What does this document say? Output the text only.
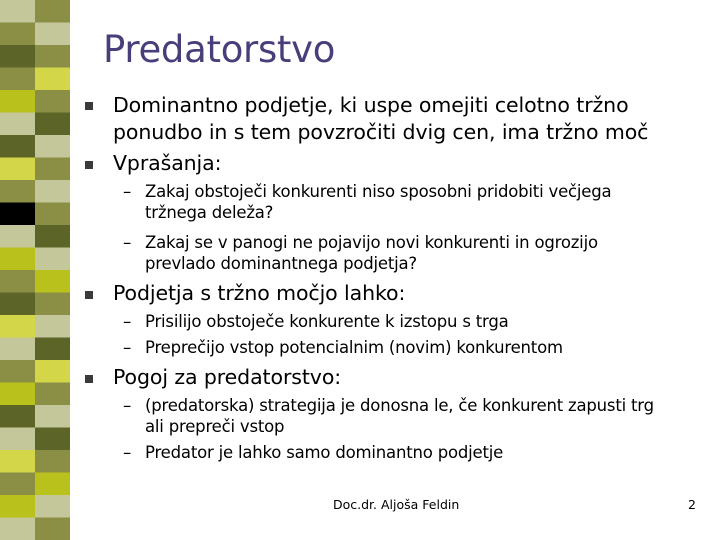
Predatorstvo
Dominantno podjetje, ki uspe omejiti celotno tržno
ponudbo in s tem povzročiti dvig cen, ima tržno moč
Vprašanja:
– Zakaj obstoječi konkurenti niso sposobni pridobiti večjega
tržnega deleža?
– Zakaj se v panogi ne pojavijo novi konkurenti in ogrozijo
prevlado dominantnega podjetja?
Podjetja s tržno močjo lahko:
– Prisilijo obstoječe konkurente k izstopu s trga
– Preprečijo vstop potencialnim (novim) konkurentom
Pogoj za predatorstvo:
– (predatorska) strategija je donosna le, če konkurent zapusti trg
ali prepreči vstop
– Predator je lahko samo dominantno podjetje
Doc.dr. Aljoša Feldin	2
